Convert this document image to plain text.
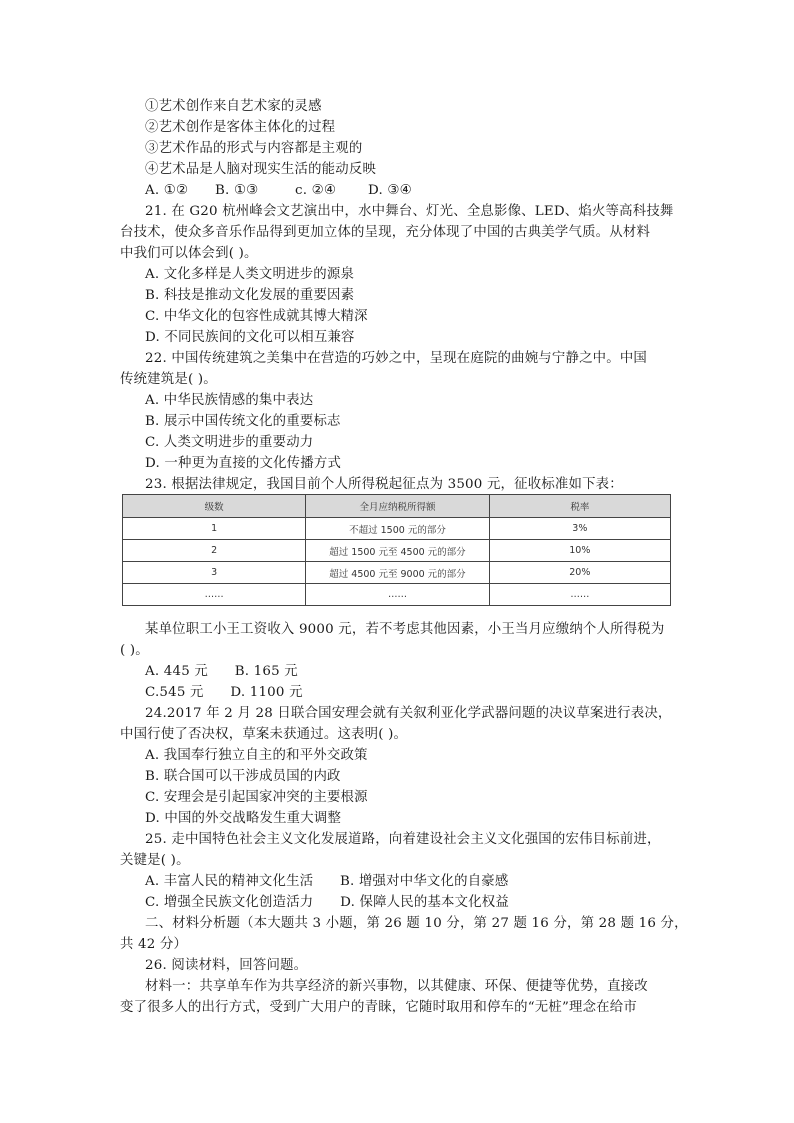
①艺术创作来自艺术家的灵感
②艺术创作是客体主体化的过程
③艺术作品的形式与内容都是主观的
④艺术品是人脑对现实生活的能动反映
A. ①② B. ①③	c. ②④ D. ③④
21. 在 G20 杭州峰会文艺演出中，水中舞台、灯光、全息影像、LED、焰火等高科技舞
台技术，使众多音乐作品得到更加立体的呈现，充分体现了中国的古典美学气质。从材料
中我们可以体会到( )。
A. 文化多样是人类文明进步的源泉
B. 科技是推动文化发展的重要因素
C. 中华文化的包容性成就其博大精深
D. 不同民族间的文化可以相互兼容
22. 中国传统建筑之美集中在营造的巧妙之中，呈现在庭院的曲婉与宁静之中。中国
传统建筑是( )。
A. 中华民族情感的集中表达
B. 展示中国传统文化的重要标志
C. 人类文明进步的重要动力
D. 一种更为直接的文化传播方式
23. 根据法律规定，我国目前个人所得税起征点为 3500 元，征收标准如下表：
级数	全月应纳税所得额	税率
1	不超过 1500 元的部分	3%
2	超过 1500 元至 4500 元的部分	10%
3	超过 4500 元至 9000 元的部分	20%
……	……	……
某单位职工小王工资收入 9000 元，若不考虑其他因素，小王当月应缴纳个人所得税为
( )。
A. 445 元      B. 165 元
C.545 元      D. 1100 元
24.2017 年 2 月 28 日联合国安理会就有关叙利亚化学武器问题的决议草案进行表决，
中国行使了否决权，草案未获通过。这表明( )。
A. 我国奉行独立自主的和平外交政策
B. 联合国可以干涉成员国的内政
C. 安理会是引起国家冲突的主要根源
D. 中国的外交战略发生重大调整
25. 走中国特色社会主义文化发展道路，向着建设社会主义文化强国的宏伟目标前进，
关键是( )。
A. 丰富人民的精神文化生活      B. 增强对中华文化的自豪感
C. 增强全民族文化创造活力      D. 保障人民的基本文化权益
二、材料分析题（本大题共 3 小题，第 26 题 10 分，第 27 题 16 分，第 28 题 16 分，
共 42 分）
26. 阅读材料，回答问题。
材料一：共享单车作为共享经济的新兴事物，以其健康、环保、便捷等优势，直接改
变了很多人的出行方式，受到广大用户的青睐，它随时取用和停车的“无桩”理念在给市
